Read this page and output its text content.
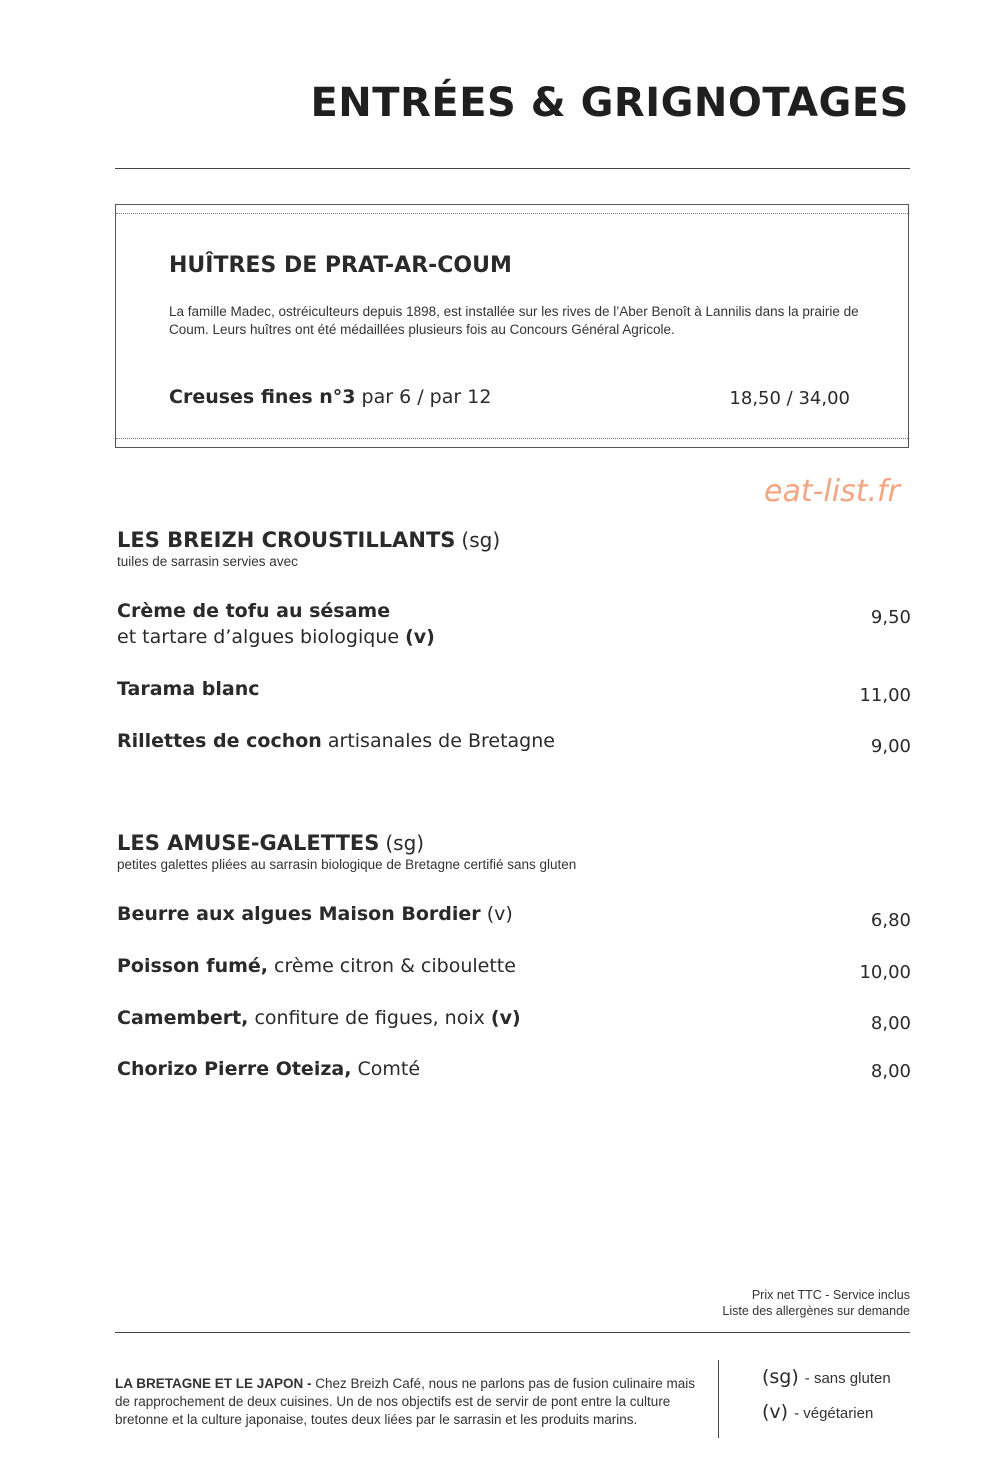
ENTRÉES & GRIGNOTAGES
HUÎTRES DE PRAT-AR-COUM
La famille Madec, ostréiculteurs depuis 1898, est installée sur les rives de l’Aber Benoît à Lannilis dans la prairie de Coum. Leurs huîtres ont été médaillées plusieurs fois au Concours Général Agricole.
Creuses fines n°3 par 6 / par 12	18,50 / 34,00
eat-list.fr
LES BREIZH CROUSTILLANTS (sg)
tuiles de sarrasin servies avec
Crème de tofu au sésame
et tartare d’algues biologique (v)
9,50
Tarama blanc	11,00
Rillettes de cochon artisanales de Bretagne	9,00
LES AMUSE-GALETTES (sg)
petites galettes pliées au sarrasin biologique de Bretagne certifié sans gluten
Beurre aux algues Maison Bordier (v)	6,80
Poisson fumé, crème citron & ciboulette	10,00
Camembert, confiture de figues, noix (v)	8,00
Chorizo Pierre Oteiza, Comté	8,00
Prix net TTC - Service inclus
Liste des allergènes sur demande
LA BRETAGNE ET LE JAPON - Chez Breizh Café, nous ne parlons pas de fusion culinaire mais de rapprochement de deux cuisines. Un de nos objectifs est de servir de pont entre la culture bretonne et la culture japonaise, toutes deux liées par le sarrasin et les produits marins.
(sg) - sans gluten
(v) - végétarien
